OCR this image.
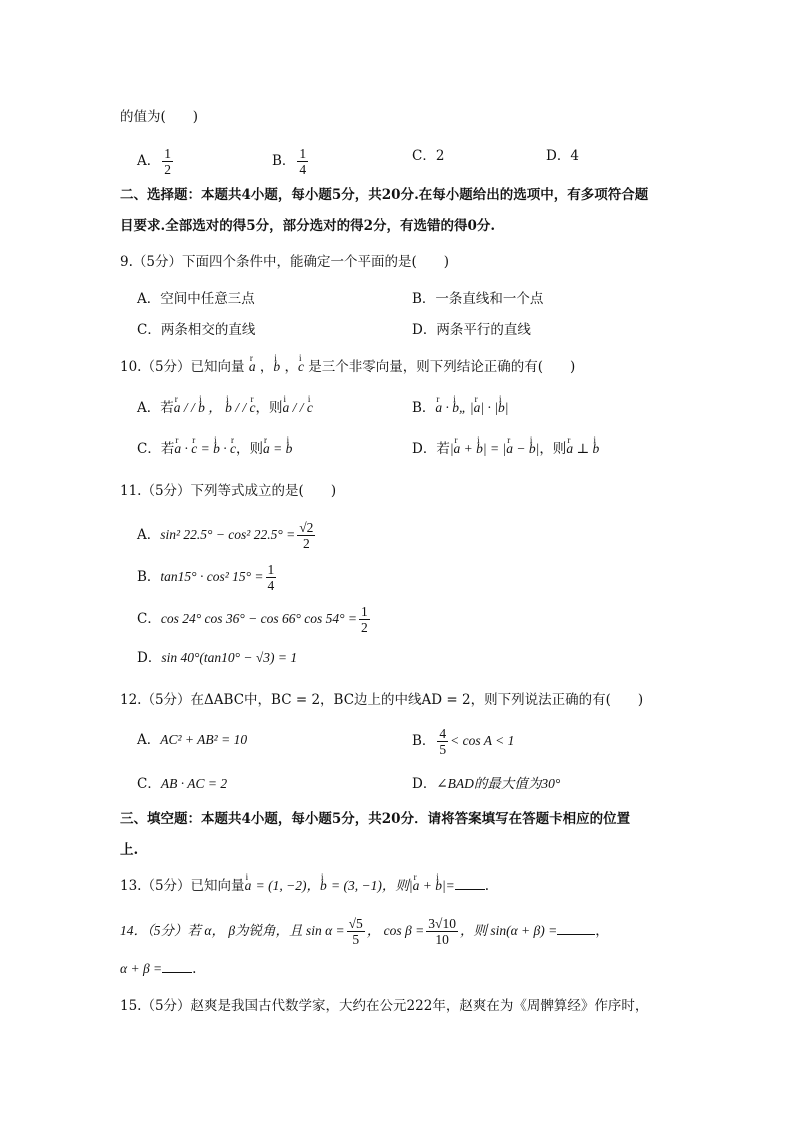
的值为(　　)
A． $\frac{1}{2}$	B． $\frac{1}{4}$	C．2	D．4
二、选择题：本题共4小题，每小题5分，共20分.在每小题给出的选项中，有多项符合题
目要求.全部选对的得5分，部分选对的得2分，有选错的得0分.
9.（5分）下面四个条件中，能确定一个平面的是(　　)
A．空间中任意三点	B．一条直线和一个点
C．两条相交的直线	D．两条平行的直线
10.（5分）已知向量 r a ，i b ，i c 是三个非零向量，则下列结论正确的有(　　)
A．若r a / / i b ， i b / / r c，则i a / / i c	B．r a · i b„ |r a| · |i b|
C．若r a · r c = i b · r c，则r a = i b	D．若|r a + i b| = |r a − i b|，则r a ⊥ i b
11.（5分）下列等式成立的是(　　)
A．sin² 22.5° − cos² $22.5^\circ = \frac{√2}{2}$
B．tan15° · cos² $15^\circ = \frac{1}{4}$
C．cos 24° cos 36° − cos 66° $\cos 54^\circ = \frac{1}{2}$
D．sin 40°(tan10° − √3) = 1
12.（5分）在ΔABC中，BC = 2，BC边上的中线AD = 2，则下列说法正确的有(　　)
A．AC² + AB² = 10	B． $\frac{4}{5} < \cos A < 1$
C．AB · AC = 2	D．∠BAD的最大值为30°
三、填空题：本题共4小题，每小题5分，共20分．请将答案填写在答题卡相应的位置
上.
13.（5分）已知向量i a = (1, −2)，i b = (3, −1)，则|r a + i b|= .
14．（5分）若 α， β为锐角，且 $\sin \alpha = \frac{√5}{5}$ ， $\cos \beta = \frac{3√10}{10}$ ，则 sin(α + β) =	，
α + β = .
15.（5分）赵爽是我国古代数学家，大约在公元222年，赵爽在为《周髀算经》作序时，
